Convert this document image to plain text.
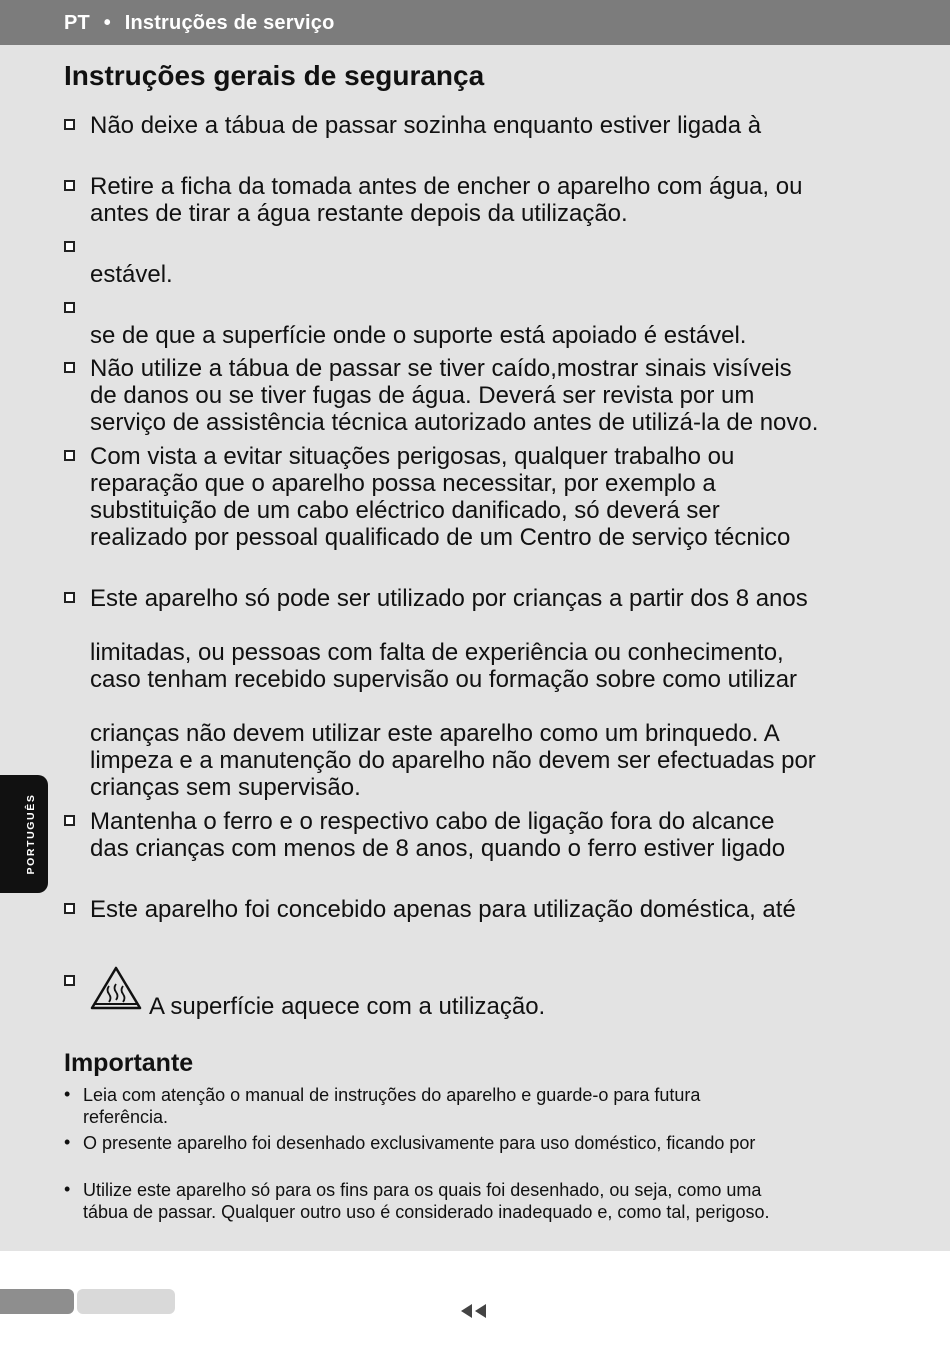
PT • Instruções de serviço
Instruções gerais de segurança
Não deixe a tábua de passar sozinha enquanto estiver ligada à
Retire a ficha da tomada antes de encher o aparelho com água, ou
antes de tirar a água restante depois da utilização.
estável.
se de que a superfície onde o suporte está apoiado é estável.
Não utilize a tábua de passar se tiver caído,mostrar sinais visíveis
de danos ou se tiver fugas de água. Deverá ser revista por um
serviço de assistência técnica autorizado antes de utilizá-la de novo.
Com vista a evitar situações perigosas, qualquer trabalho ou
reparação que o aparelho possa necessitar, por exemplo a
substituição de um cabo eléctrico danificado, só deverá ser
realizado por pessoal qualificado de um Centro de serviço técnico
Este aparelho só pode ser utilizado por crianças a partir dos 8 anos
limitadas, ou pessoas com falta de experiência ou conhecimento,
caso tenham recebido supervisão ou formação sobre como utilizar
crianças não devem utilizar este aparelho como um brinquedo. A
limpeza e a manutenção do aparelho não devem ser efectuadas por
crianças sem supervisão.
Mantenha o ferro e o respectivo cabo de ligação fora do alcance
das crianças com menos de 8 anos, quando o ferro estiver ligado
Este aparelho foi concebido apenas para utilização doméstica, até
A superfície aquece com a utilização.
Importante
• Leia com atenção o manual de instruções do aparelho e guarde-o para futura
referência.
• O presente aparelho foi desenhado exclusivamente para uso doméstico, ficando por
• Utilize este aparelho só para os fins para os quais foi desenhado, ou seja, como uma
tábua de passar. Qualquer outro uso é considerado inadequado e, como tal, perigoso.
PORTUGUÊS
